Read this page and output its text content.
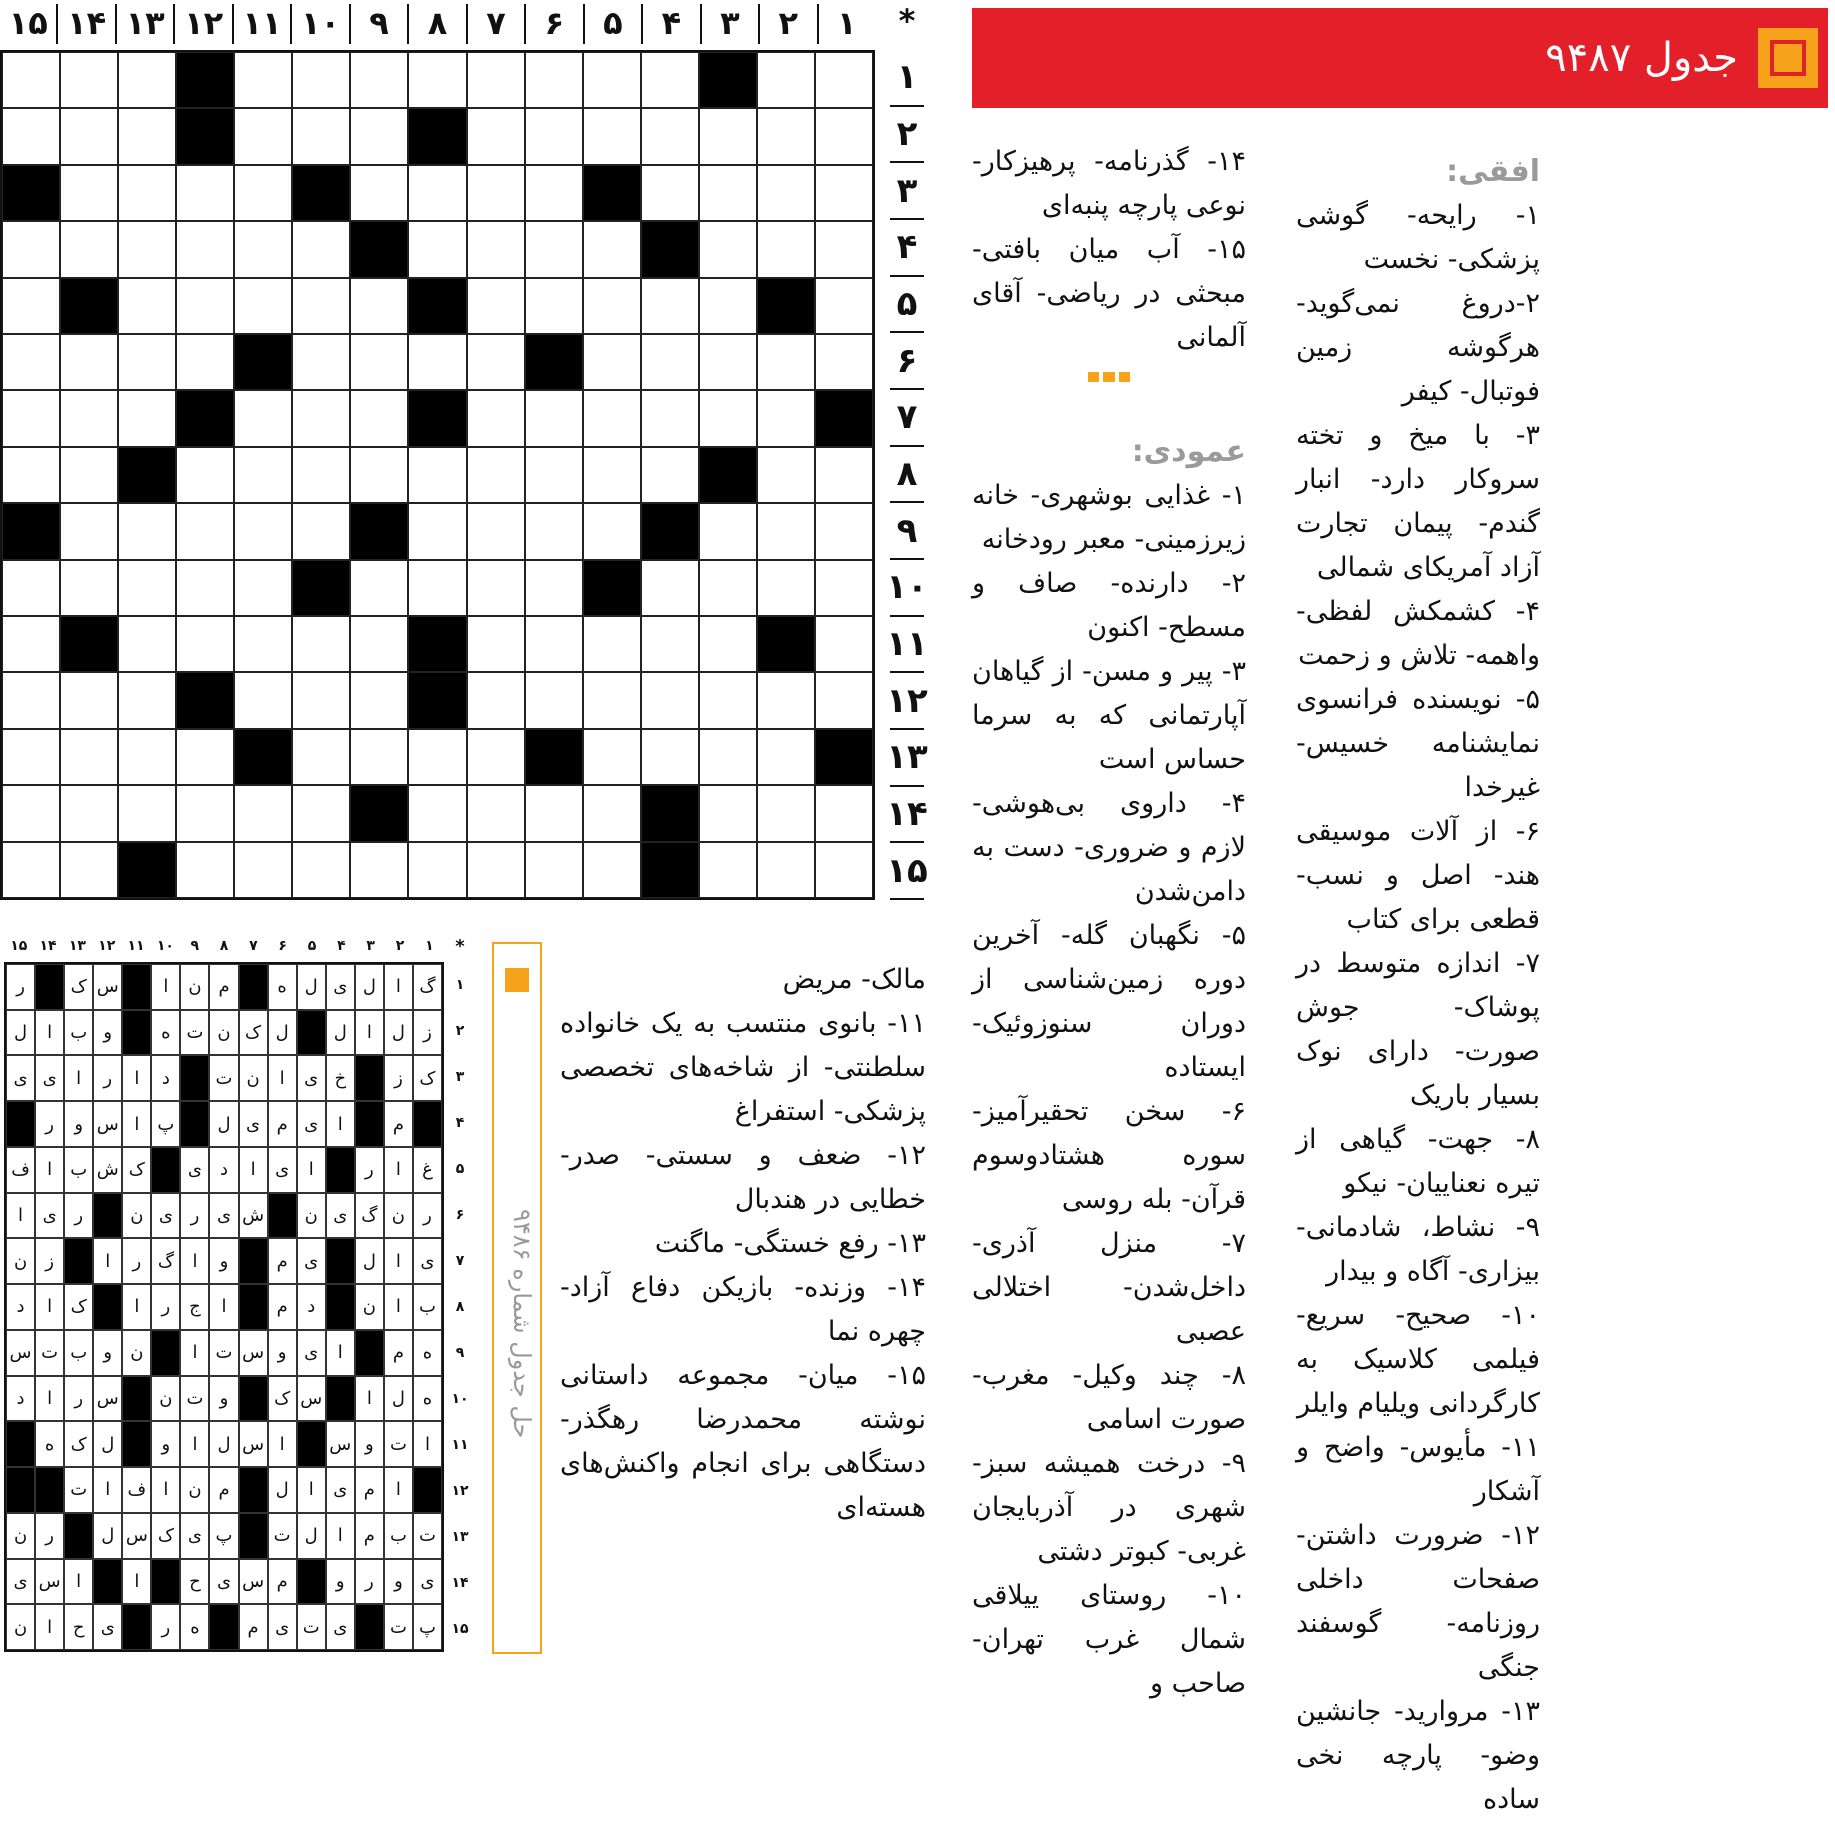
۱
۲
۳
۴
۵
۶
۷
۸
۹
۱۰
۱۱
۱۲
۱۳
۱۴
۱۵	*
۱
۲
۳
۴
۵
۶
۷
۸
۹
۱۰
۱۱
۱۲
۱۳
۱۴
۱۵
جدول ۹۴۸۷

افقی:

۱- رایحه- گوشی پزشکی- نخست

۲-دروغ نمی‌گوید- هرگوشه زمین فوتبال- کیفر

۳- با میخ و تخته سروکار دارد- انبار گندم- پیمان تجارت آزاد آمریکای شمالی

۴- کشمکش لفظی- واهمه- تلاش و زحمت

۵- نویسنده فرانسوی نمایشنامه خسیس- غیرخدا

۶- از آلات موسیقی هند- اصل و نسب- قطعی برای کتاب

۷- اندازه متوسط در پوشاک- جوش صورت- دارای نوک بسیار باریک

۸- جهت- گیاهی از تیره نعناییان- نیکو

۹- نشاط، شادمانی- بیزاری- آگاه و بیدار

۱۰- صحیح- سریع- فیلمی کلاسیک به کارگردانی ویلیام وایلر

۱۱- مأیوس- واضح و آشکار

۱۲- ضرورت داشتن- صفحات داخلی روزنامه- گوسفند جنگی

۱۳- مروارید- جانشین وضو- پارچه نخی ساده

۱۴- گذرنامه- پرهیزکار- نوعی پارچه پنبه‌ای

۱۵- آب میان بافتی- مبحثی در ریاضی- آقای آلمانی

عمودی:

۱- غذایی بوشهری- خانه زیرزمینی- معبر رودخانه

۲- دارنده- صاف و مسطح- اکنون

۳- پیر و مسن- از گیاهان آپارتمانی که به سرما حساس است

۴- داروی بی‌هوشی- لازم و ضروری- دست به دامن‌شدن

۵- نگهبان گله- آخرین دوره زمین‌شناسی از دوران سنوزوئیک- ایستاده

۶- سخن تحقیرآمیز- سوره هشتادوسوم قرآن- بله روسی

۷- منزل آذری- داخل‌شدن- اختلالی عصبی

۸- چند وکیل- مغرب- صورت اسامی

۹- درخت همیشه سبز- شهری در آذربایجان غربی- کبوتر دشتی

۱۰- روستای ییلاقی شمال غرب تهران- صاحب و

مالک- مریض

۱۱- بانوی منتسب به یک خانواده سلطنتی- از شاخه‌های تخصصی پزشکی- استفراغ

۱۲- ضعف و سستی- صدر- خطایی در هندبال

۱۳- رفع خستگی- ماگنت

۱۴- وزنده- بازیکن دفاع آزاد- چهره نما

۱۵- میان- مجموعه داستانی نوشته محمدرضا رهگذر- دستگاهی برای انجام واکنش‌های هسته‌ای

حل جدول شماره ۹۴۸۶
۱
۲
۳
۴
۵
۶
۷
۸
۹
۱۰
۱۱
۱۲
۱۳
۱۴
۱۵	*
۱
۲
۳
۴
۵
۶
۷
۸
۹
۱۰
۱۱
۱۲
۱۳
۱۴
۱۵
گ
ا
ل
ی
ل
ه
م
ن
ا
س
ک
ر
ز
ل
ا
ل
ل
ک
ن
ت
ه
و
ب
ا
ل
ک
ز
خ
ی
ا
ن
ت
د
ا
ر
ا
ی
ی
م
ا
ی
م
ی
ل
پ
ا
س
و
ر
غ
ا
ر
ا
ی
ا
د
ی
ک
ش
ب
ا
ف
ر
ن
گ
ی
ن
ش
ی
ر
ی
ن
ر
ی
ا
ی
ا
ل
ی
م
و
ا
گ
ر
ا
ز
ن
ب
ا
ن
د
م
ا
ج
ر
ا
ک
ا
د
ه
م
ا
ی
و
س
ت
ا
ن
و
ب
ت
س
ه
ل
ا
س
ک
و
ت
ن
س
ر
ا
د
ا
ت
و
س
ا
س
ل
ا
و
ل
ک
ه
ا
م
ی
ا
ل
م
ن
ا
ف
ا
ت
ت
ب
م
ا
ل
ت
پ
ی
ک
س
ل
ر
ن
ی
و
ر
و
م
س
ی
ح
ا
ا
س
ی
پ
ت
ی
ت
ی
م
ه
ر
ی
ح
ا
ن
